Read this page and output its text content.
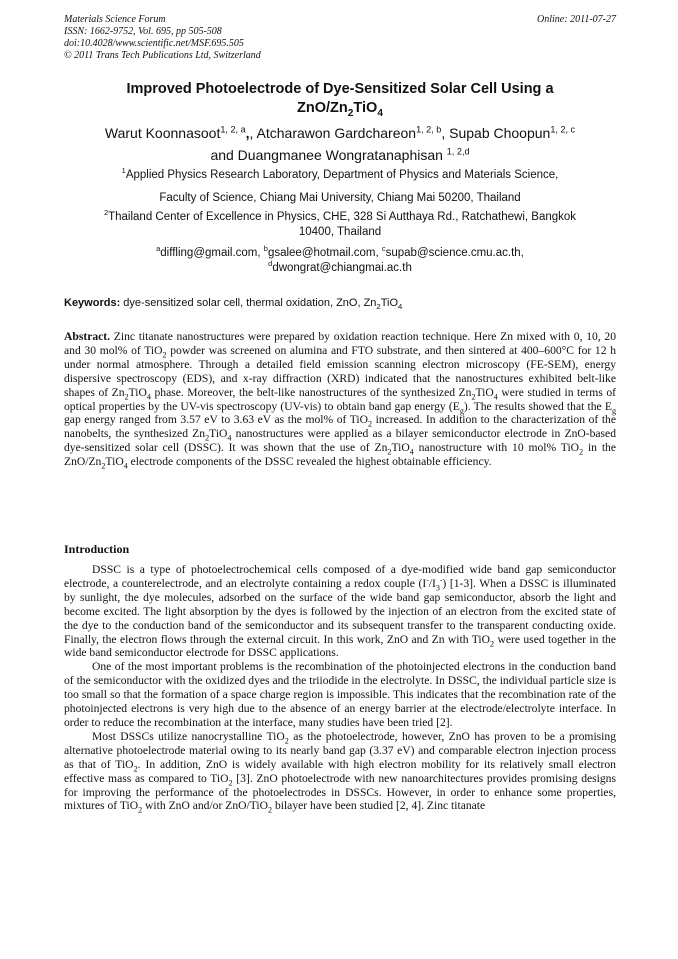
Materials Science Forum
ISSN: 1662-9752, Vol. 695, pp 505-508
doi:10.4028/www.scientific.net/MSF.695.505
© 2011 Trans Tech Publications Ltd, Switzerland
Online: 2011-07-27
Improved Photoelectrode of Dye-Sensitized Solar Cell Using a
ZnO/$Zn_2TiO_4$
Warut Koonnasoot$^{1, 2, a}$,, Atcharawon Gardchareon$^{1, 2, b}$, Supab Choopun$^{1, 2, c}$
and Duangmanee Wongratanaphisan $^{1, 2,d}$
$^1$Applied Physics Research Laboratory, Department of Physics and Materials Science,
Faculty of Science, Chiang Mai University, Chiang Mai 50200, Thailand
$^2$Thailand Center of Excellence in Physics, CHE, 328 Si Autthaya Rd., Ratchathewi, Bangkok
10400, Thailand
$^a$diffling@gmail.com, $^b$gsalee@hotmail.com, $^c$supab@science.cmu.ac.th,
$^d$dwongrat@chiangmai.ac.th
Keywords: dye-sensitized solar cell, thermal oxidation, ZnO, $Zn_2TiO_4$

Abstract. Zinc titanate nanostructures were prepared by oxidation reaction technique. Here Zn mixed with 0, 10, 20 and 30 mol% of TiO$_2$ powder was screened on alumina and FTO substrate, and then sintered at 400–600°C for 12 h under normal atmosphere. Through a detailed field emission scanning electron microscopy (FE-SEM), energy dispersive spectroscopy (EDS), and x-ray diffraction (XRD) indicated that the nanostructures exhibited belt-like shapes of $Zn_2TiO_4$ phase. Moreover, the belt-like nanostructures of the synthesized $Zn_2TiO_4$ were studied in terms of optical properties by the UV-vis spectroscopy (UV-vis) to obtain band gap energy $(E_g)$. The results showed that the $E_g$ gap energy ranged from 3.57 eV to 3.63 eV as the mol% of TiO$_2$ increased. In addition to the characterization of the nanobelts, the synthesized $Zn_2TiO_4$ nanostructures were applied as a bilayer semiconductor electrode in ZnO-based dye-sensitized solar cell (DSSC). It was shown that the use of $Zn_2TiO_4$ nanostructure with 10 mol% TiO$_2$ in the ZnO/$Zn_2TiO_4$ electrode components of the DSSC revealed the highest obtainable efficiency.

Introduction

DSSC is a type of photoelectrochemical cells composed of a dye-modified wide band gap semiconductor electrode, a counterelectrode, and an electrolyte containing a redox couple $(I^-/I_3^-)$ [1-3]. When a DSSC is illuminated by sunlight, the dye molecules, adsorbed on the surface of the wide band gap semiconductor, absorb the light and become excited. The light absorption by the dyes is followed by the injection of an electron from the excited state of the dye to the conduction band of the semiconductor and its subsequent transfer to the transparent conducting oxide. Finally, the electron flows through the external circuit. In this work, ZnO and Zn with TiO$_2$ were used together in the wide band semiconductor electrode for DSSC applications.

One of the most important problems is the recombination of the photoinjected electrons in the conduction band of the semiconductor with the oxidized dyes and the triiodide in the electrolyte. In DSSC, the individual particle size is too small so that the formation of a space charge region is impossible. This indicates that the recombination rate of the photoinjected electrons is very high due to the absence of an energy barrier at the electrode/electrolyte interface. In order to reduce the recombination at the interface, many studies have been tried [2].

Most DSSCs utilize nanocrystalline TiO$_2$ as the photoelectrode, however, ZnO has proven to be a promising alternative photoelectrode material owing to its nearly band gap (3.37 eV) and comparable electron injection process as that of TiO$_2$. In addition, ZnO is widely available with high electron mobility for its relatively small electron effective mass as compared to TiO$_2$ [3]. ZnO photoelectrode with new nanoarchitectures provides promising designs for improving the performance of the photoelectrodes in DSSCs. However, in order to enhance some properties, mixtures of TiO$_2$ with ZnO and/or ZnO/TiO$_2$ bilayer have been studied [2, 4]. Zinc titanate
